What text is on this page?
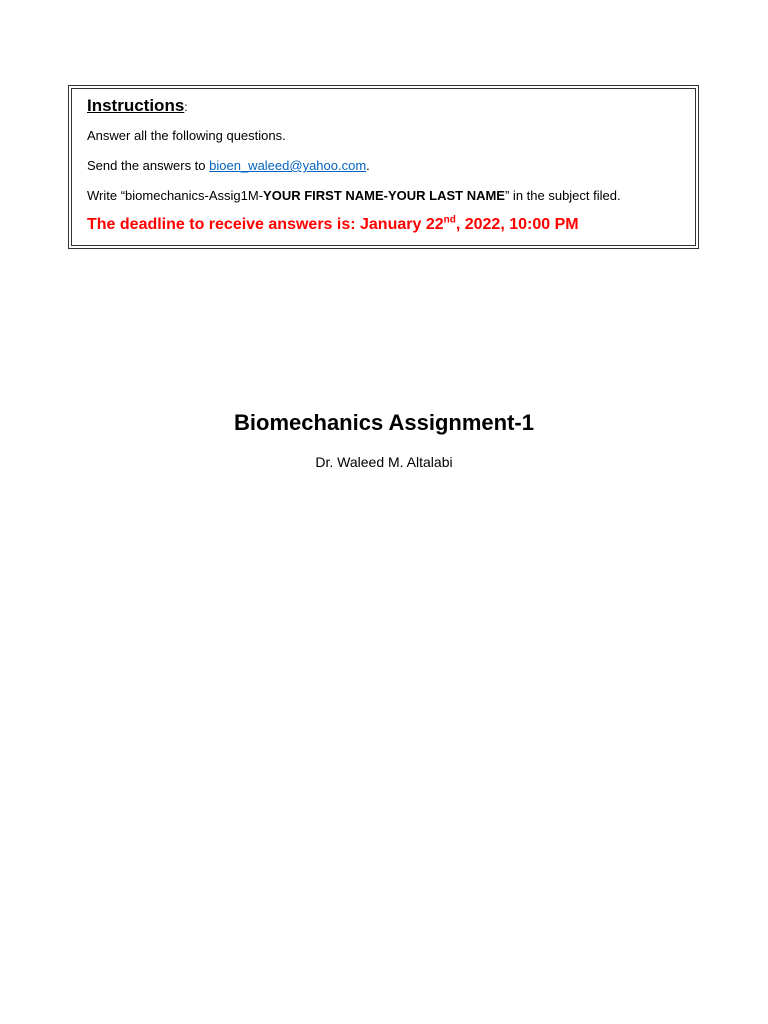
Instructions:

Answer all the following questions.

Send the answers to bioen_waleed@yahoo.com.

Write “biomechanics-Assig1M-YOUR FIRST NAME-YOUR LAST NAME” in the subject filed.

The deadline to receive answers is: January 22nd, 2022, 10:00 PM
Biomechanics Assignment-1
Dr. Waleed M. Altalabi
